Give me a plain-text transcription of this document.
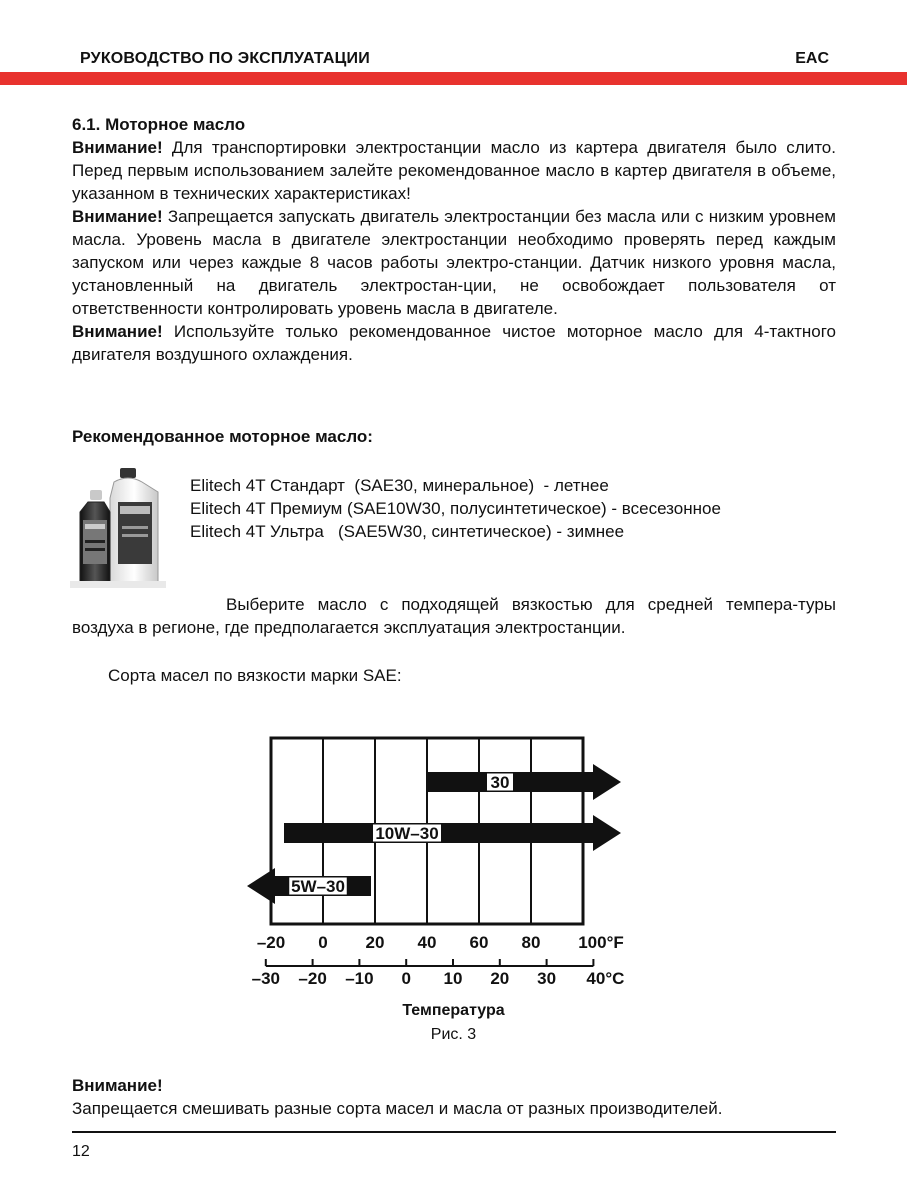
РУКОВОДСТВО ПО ЭКСПЛУАТАЦИИ	EAC

6.1. Моторное масло

Внимание! Для транспортировки электростанции масло из картера двигателя было слито. Перед первым использованием залейте рекомендованное масло в картер двигателя в объеме, указанном в технических характеристиках!

Внимание! Запрещается запускать двигатель электростанции без масла или с низким уровнем масла. Уровень масла в двигателе электростанции необходимо проверять перед каждым запуском или через каждые 8 часов работы электро-станции. Датчик низкого уровня масла, установленный на двигатель электростан-ции, не освобождает пользователя от ответственности контролировать уровень масла в двигателе.

Внимание! Используйте только рекомендованное чистое моторное масло для 4-тактного двигателя воздушного охлаждения.

Рекомендованное моторное масло:
Elitech 4T Стандарт  (SAE30, минеральное)  - летнее
Elitech 4T Премиум (SAE10W30, полусинтетическое) - всесезонное
Elitech 4T Ультра   (SAE5W30, синтетическое) - зимнее
Выберите масло с подходящей вязкостью для средней темпера-туры воздуха в регионе, где предполагается эксплуатация электростанции.
Сорта масел по вязкости марки SAE:
30
10W–30
5W–30
–20 0 20 40 60 80 100°F
–30 –20 –10 0 10 20 30 40°C
Температура
Рис. 3
Внимание!
Запрещается смешивать разные сорта масел и масла от разных производителей.
12
